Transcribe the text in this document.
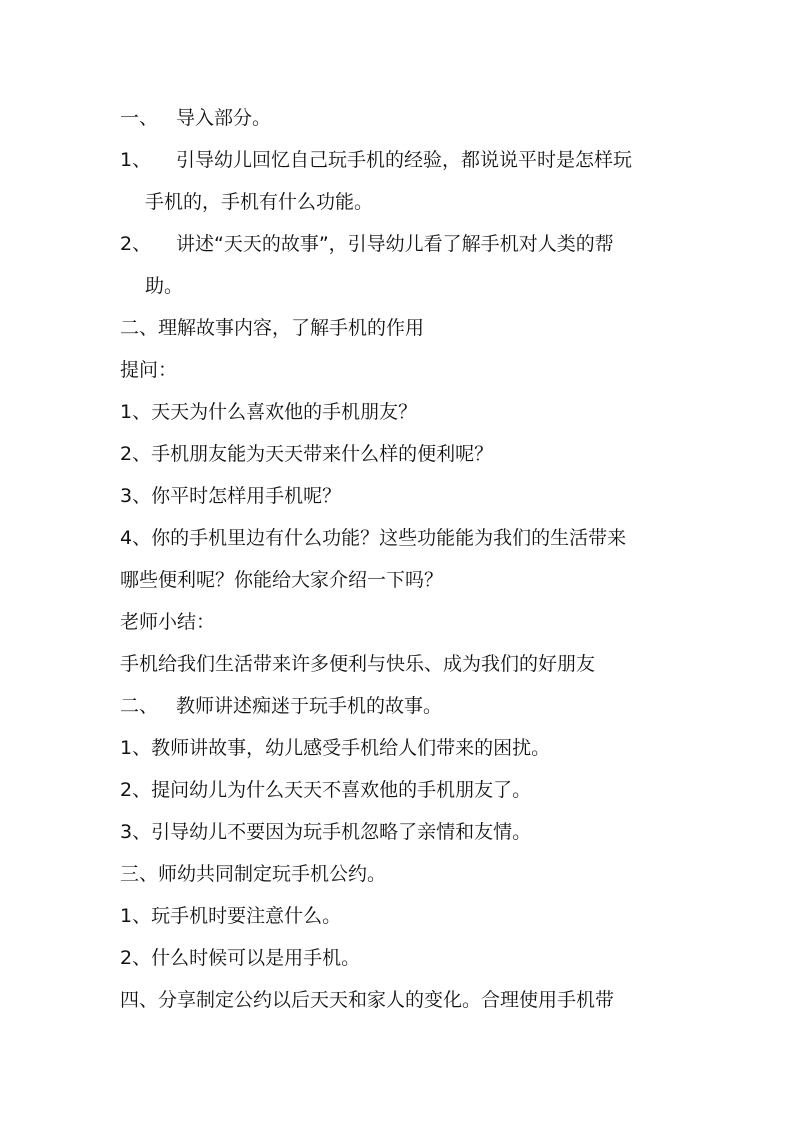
一、 导入部分。
1、 引导幼儿回忆自己玩手机的经验，都说说平时是怎样玩
手机的，手机有什么功能。
2、 讲述“天天的故事”，引导幼儿看了解手机对人类的帮
助。
二、理解故事内容，了解手机的作用
提问：
1、天天为什么喜欢他的手机朋友？
2、手机朋友能为天天带来什么样的便利呢？
3、你平时怎样用手机呢？
4、你的手机里边有什么功能？这些功能能为我们的生活带来
哪些便利呢？你能给大家介绍一下吗？
老师小结：
手机给我们生活带来许多便利与快乐、成为我们的好朋友
二、 教师讲述痴迷于玩手机的故事。
1、教师讲故事，幼儿感受手机给人们带来的困扰。
2、提问幼儿为什么天天不喜欢他的手机朋友了。
3、引导幼儿不要因为玩手机忽略了亲情和友情。
三、师幼共同制定玩手机公约。
1、玩手机时要注意什么。
2、什么时候可以是用手机。
四、分享制定公约以后天天和家人的变化。合理使用手机带
